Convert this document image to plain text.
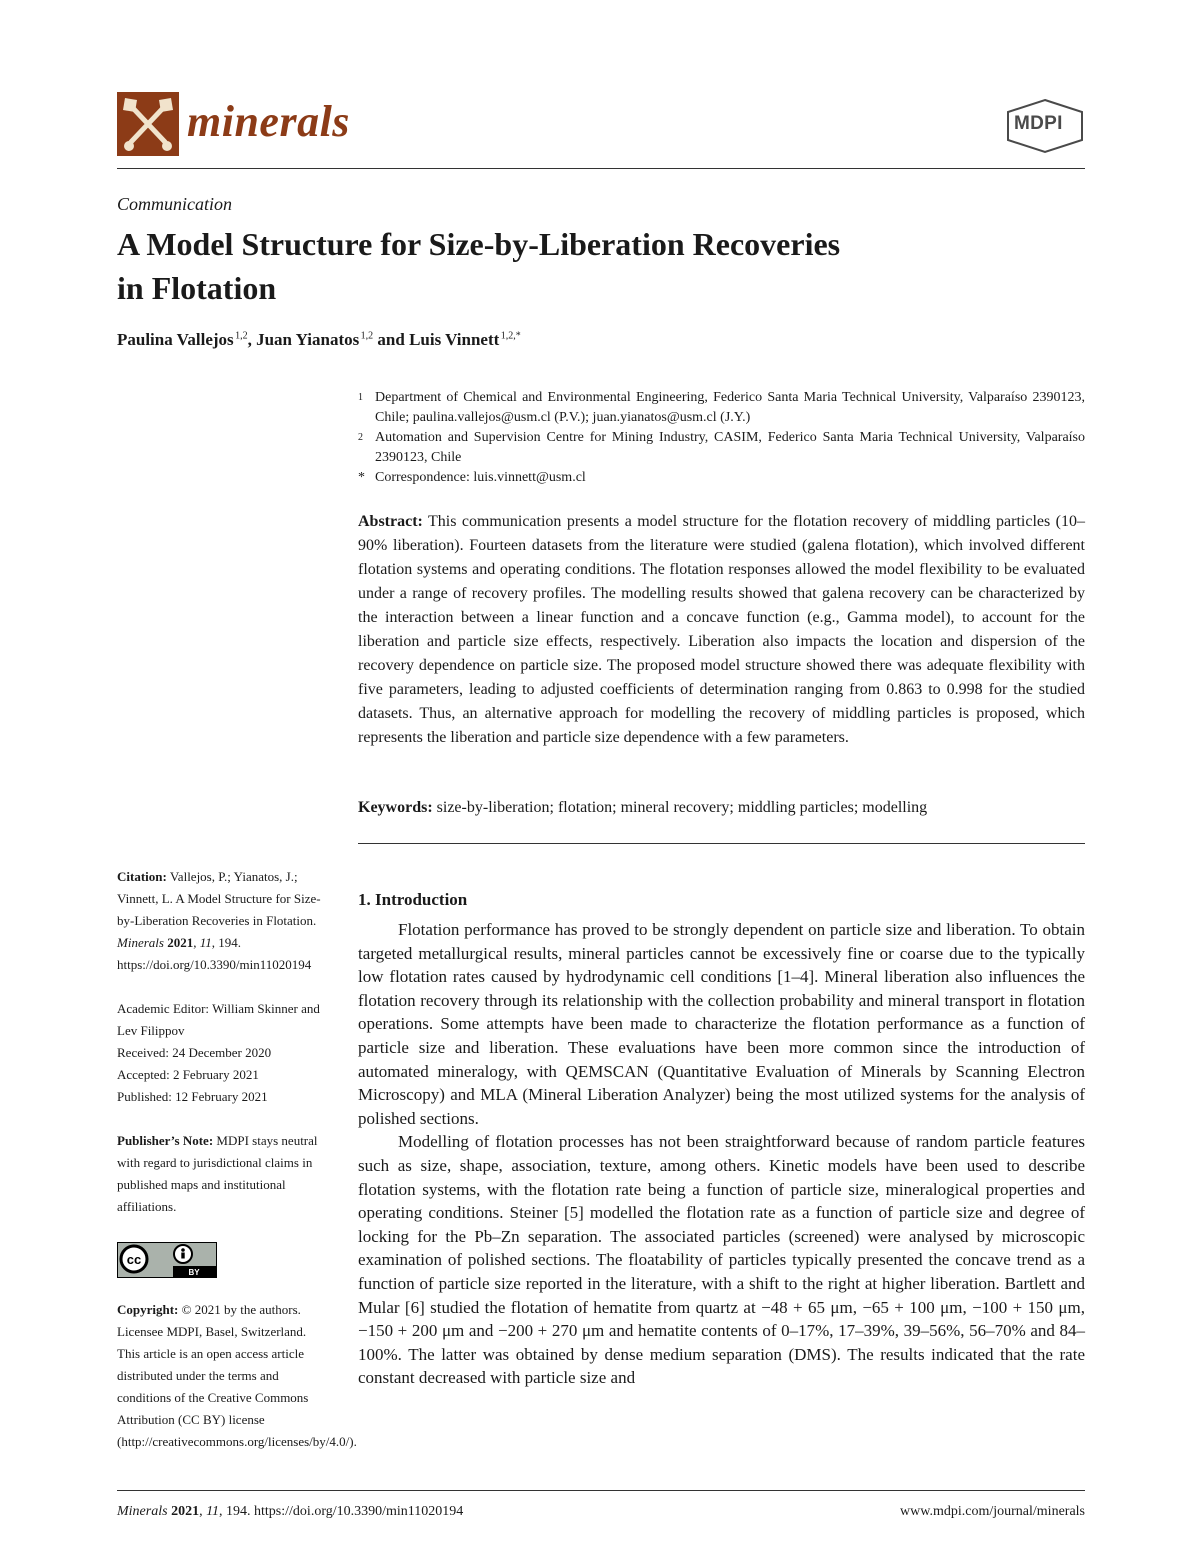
minerals	MDPI
Communication
A Model Structure for Size-by-Liberation Recoveries
in Flotation
Paulina Vallejos $^{1,2}$, Juan Yianatos $^{1,2}$ and Luis Vinnett $^{1,2,*}$
1 Department of Chemical and Environmental Engineering, Federico Santa Maria Technical University, Valparaíso 2390123, Chile; paulina.vallejos@usm.cl (P.V.); juan.yianatos@usm.cl (J.Y.)
2 Automation and Supervision Centre for Mining Industry, CASIM, Federico Santa Maria Technical University, Valparaíso 2390123, Chile
* Correspondence: luis.vinnett@usm.cl
Abstract: This communication presents a model structure for the flotation recovery of middling particles (10–90% liberation). Fourteen datasets from the literature were studied (galena flotation), which involved different flotation systems and operating conditions. The flotation responses allowed the model flexibility to be evaluated under a range of recovery profiles. The modelling results showed that galena recovery can be characterized by the interaction between a linear function and a concave function (e.g., Gamma model), to account for the liberation and particle size effects, respectively. Liberation also impacts the location and dispersion of the recovery dependence on particle size. The proposed model structure showed there was adequate flexibility with five parameters, leading to adjusted coefficients of determination ranging from 0.863 to 0.998 for the studied datasets. Thus, an alternative approach for modelling the recovery of middling particles is proposed, which represents the liberation and particle size dependence with a few parameters.
Keywords: size-by-liberation; flotation; mineral recovery; middling particles; modelling
Citation: Vallejos, P.; Yianatos, J.; Vinnett, L. A Model Structure for Size-by-Liberation Recoveries in Flotation. Minerals 2021, 11, 194. https://doi.org/10.3390/min11020194
Academic Editor: William Skinner and Lev Filippov
Received: 24 December 2020
Accepted: 2 February 2021
Published: 12 February 2021
Publisher’s Note: MDPI stays neutral with regard to jurisdictional claims in published maps and institutional affiliations.
cc
BY
Copyright: © 2021 by the authors. Licensee MDPI, Basel, Switzerland. This article is an open access article distributed under the terms and conditions of the Creative Commons Attribution (CC BY) license (http://creativecommons.org/licenses/by/4.0/).
1. Introduction

Flotation performance has proved to be strongly dependent on particle size and liberation. To obtain targeted metallurgical results, mineral particles cannot be excessively fine or coarse due to the typically low flotation rates caused by hydrodynamic cell conditions [1–4]. Mineral liberation also influences the flotation recovery through its relationship with the collection probability and mineral transport in flotation operations. Some attempts have been made to characterize the flotation performance as a function of particle size and liberation. These evaluations have been more common since the introduction of automated mineralogy, with QEMSCAN (Quantitative Evaluation of Minerals by Scanning Electron Microscopy) and MLA (Mineral Liberation Analyzer) being the most utilized systems for the analysis of polished sections.

Modelling of flotation processes has not been straightforward because of random particle features such as size, shape, association, texture, among others. Kinetic models have been used to describe flotation systems, with the flotation rate being a function of particle size, mineralogical properties and operating conditions. Steiner [5] modelled the flotation rate as a function of particle size and degree of locking for the Pb–Zn separation. The associated particles (screened) were analysed by microscopic examination of polished sections. The floatability of particles typically presented the concave trend as a function of particle size reported in the literature, with a shift to the right at higher liberation. Bartlett and Mular [6] studied the flotation of hematite from quartz at −48 + 65 μm, −65 + 100 μm, −100 + 150 μm, −150 + 200 μm and −200 + 270 μm and hematite contents of 0–17%, 17–39%, 39–56%, 56–70% and 84–100%. The latter was obtained by dense medium separation (DMS). The results indicated that the rate constant decreased with particle size and

Minerals 2021, 11, 194. https://doi.org/10.3390/min11020194	www.mdpi.com/journal/minerals
